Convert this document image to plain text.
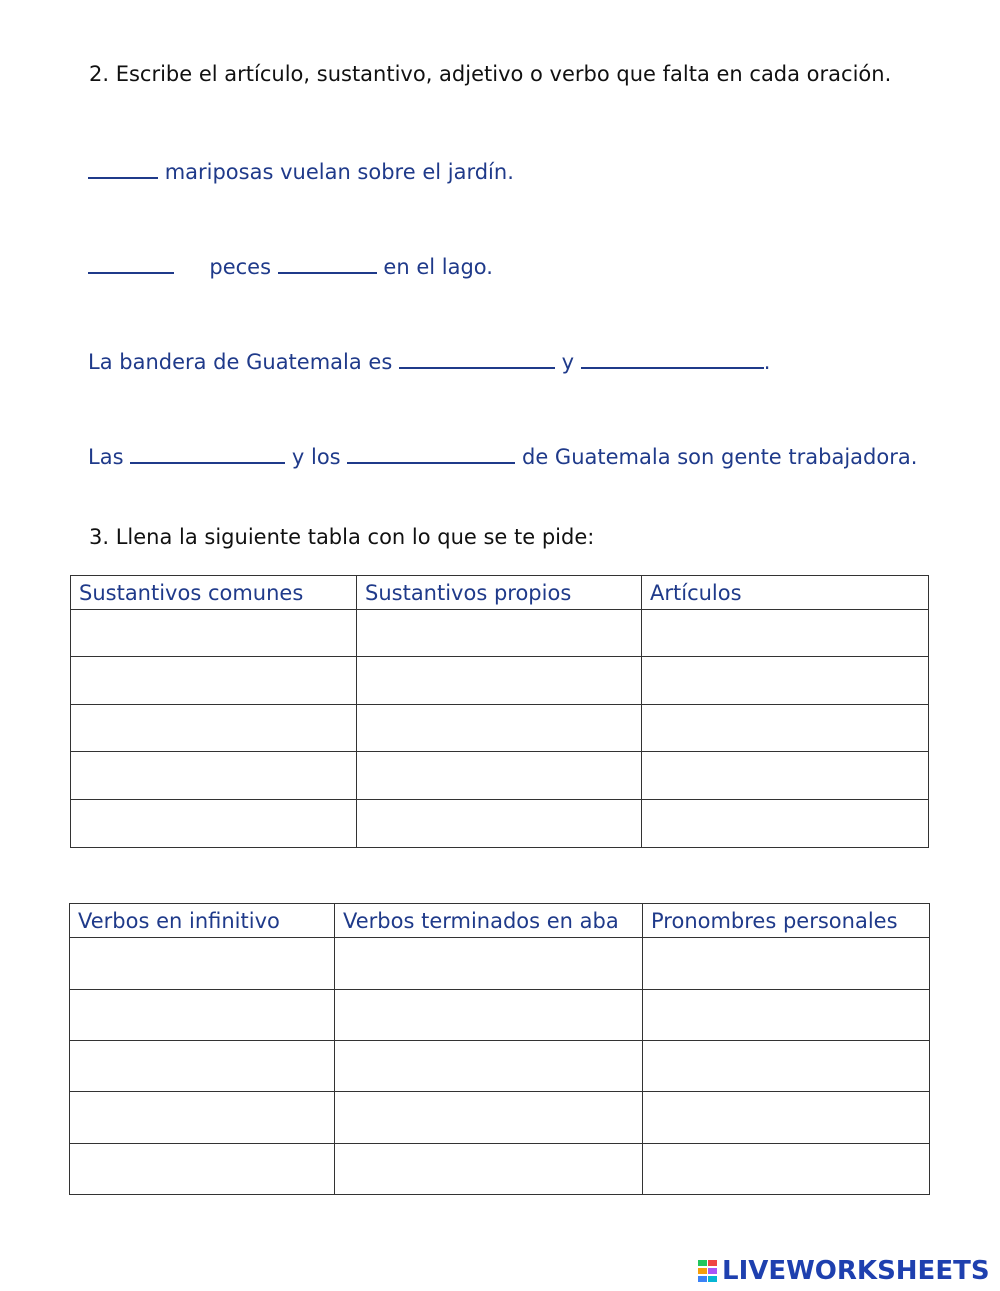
2. Escribe el artículo, sustantivo, adjetivo o verbo que falta en cada oración.
mariposas vuelan sobre el jardín.
peces	en el lago.
La bandera de Guatemala es	y	.
Las	y los	de Guatemala son gente trabajadora.
3. Llena la siguiente tabla con lo que se te pide:
Sustantivos comunes	Sustantivos propios	Artículos

Verbos en infinitivo	Verbos terminados en aba	Pronombres personales

LIVEWORKSHEETS
